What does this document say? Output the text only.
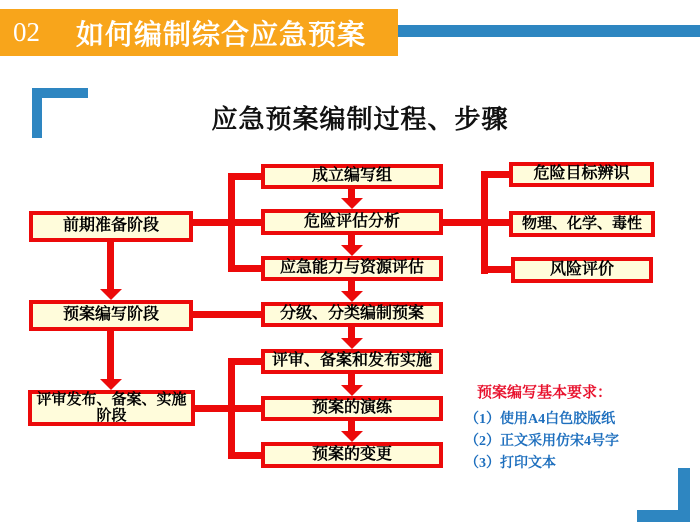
02 如何编制综合应急预案
应急预案编制过程、步骤
前期准备阶段
预案编写阶段
评审发布、备案、实施阶段
成立编写组
危险评估分析
应急能力与资源评估
分级、分类编制预案
评审、备案和发布实施
预案的演练
预案的变更
危险目标辨识
物理、化学、毒性
风险评价
预案编写基本要求：
（1）使用A4白色胶版纸
（2）正文采用仿宋4号字
（3）打印文本
